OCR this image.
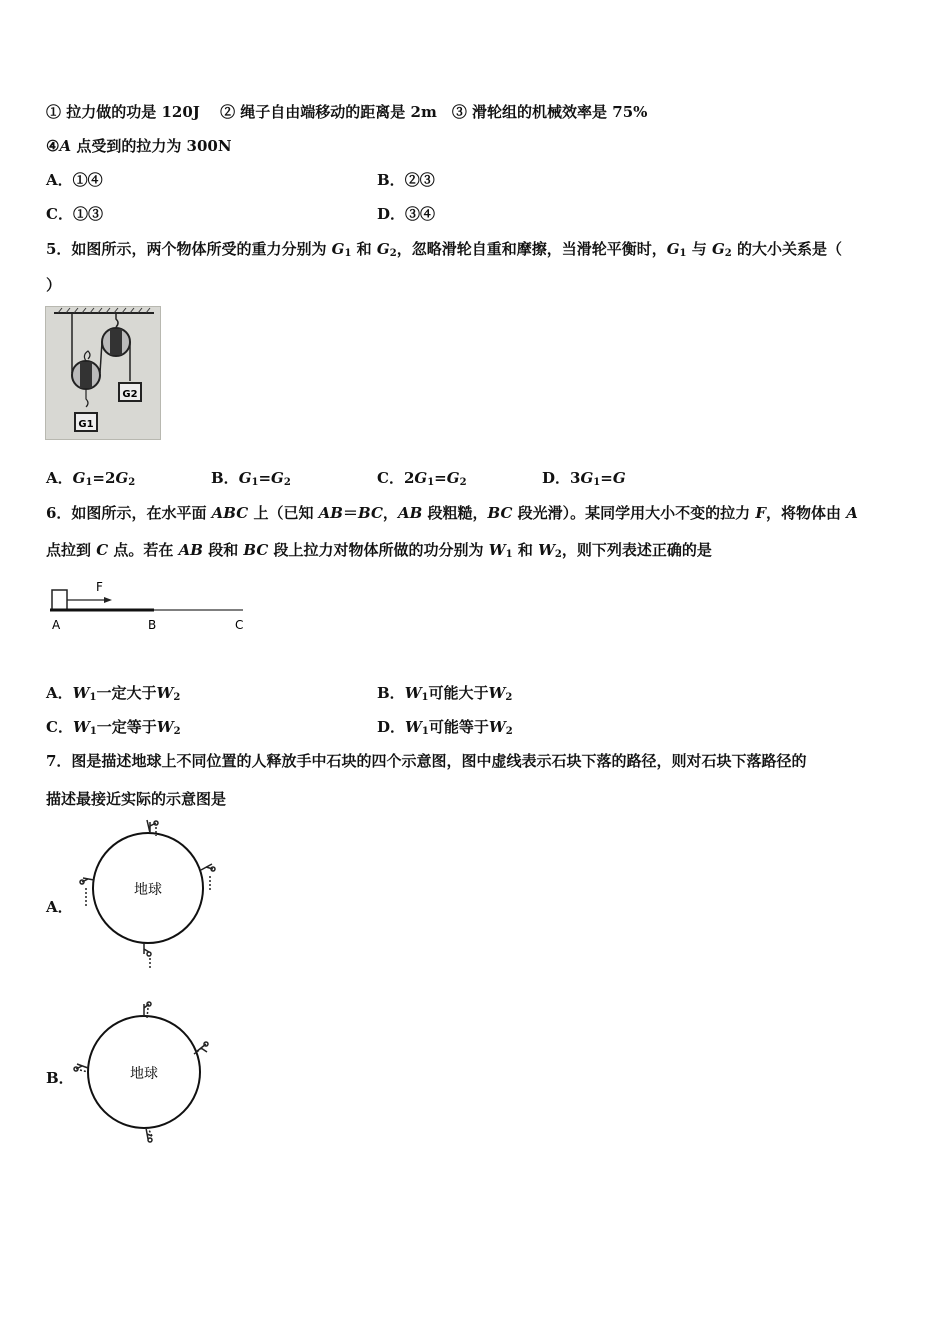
① 拉力做的功是 120J　 ② 绳子自由端移动的距离是 2m　③ 滑轮组的机械效率是 75%
④A 点受到的拉力为 300N
A．①④	B．②③
C．①③	D．③④
5．如图所示，两个物体所受的重力分别为 $G_1$ 和 $G_2$，忽略滑轮自重和摩擦，当滑轮平衡时，$G_1$ 与 $G_2$ 的大小关系是（
）
G1
G2
A．$G_1=2G_2$	B．$G_1=G_2$	C．$2G_1=G_2$	D．$3G_1=G$
6．如图所示，在水平面 ABC 上（已知 AB＝BC，AB 段粗糙，BC 段光滑）。某同学用大小不变的拉力 F，将物体由 A
点拉到 C 点。若在 AB 段和 BC 段上拉力对物体所做的功分别为 $W_1$ 和 $W_2$，则下列表述正确的是
F
A	B	C
A．$W_1$一定大于$W_2$	B．$W_1$可能大于$W_2$
C．$W_1$一定等于$W_2$	D．$W_1$可能等于$W_2$
7．图是描述地球上不同位置的人释放手中石块的四个示意图，图中虚线表示石块下落的路径，则对石块下落路径的
描述最接近实际的示意图是
A．
地球
B．	地球
